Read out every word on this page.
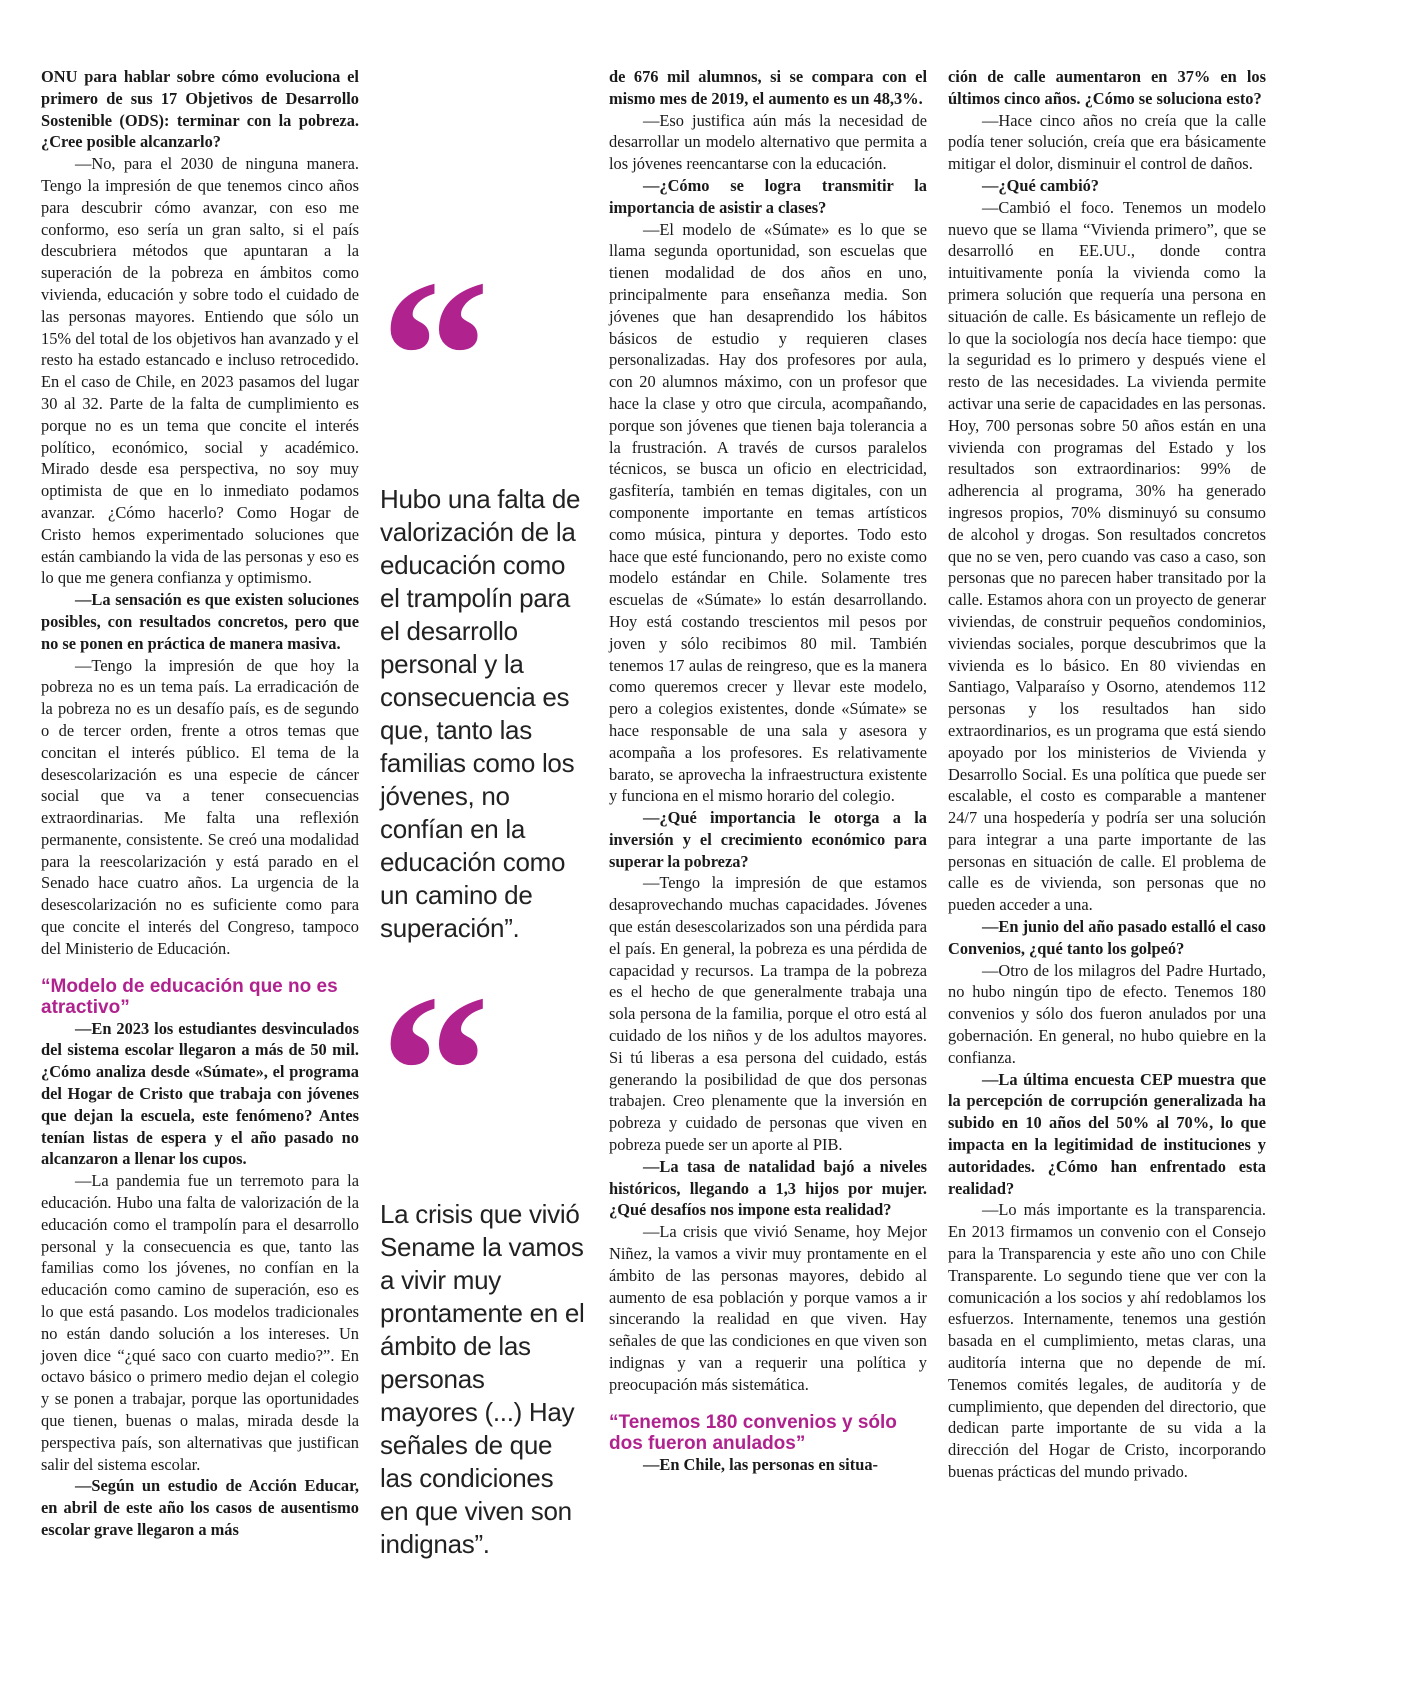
ONU para hablar sobre cómo evoluciona el primero de sus 17 Objetivos de Desarrollo Sostenible (ODS): terminar con la pobreza. ¿Cree posible alcanzarlo?

—No, para el 2030 de ninguna manera. Tengo la impresión de que tenemos cinco años para descubrir cómo avanzar, con eso me conformo, eso sería un gran salto, si el país descubriera métodos que apuntaran a la superación de la pobreza en ámbitos como vivienda, educación y sobre todo el cuidado de las personas mayores. Entiendo que sólo un 15% del total de los objetivos han avanzado y el resto ha estado estancado e incluso retrocedido. En el caso de Chile, en 2023 pasamos del lugar 30 al 32. Parte de la falta de cumplimiento es porque no es un tema que concite el interés político, económico, social y académico. Mirado desde esa perspectiva, no soy muy optimista de que en lo inmediato podamos avanzar. ¿Cómo hacerlo? Como Hogar de Cristo hemos experimentado soluciones que están cambiando la vida de las personas y eso es lo que me genera confianza y optimismo.

—La sensación es que existen soluciones posibles, con resultados concretos, pero que no se ponen en práctica de manera masiva.

—Tengo la impresión de que hoy la pobreza no es un tema país. La erradicación de la pobreza no es un desafío país, es de segundo o de tercer orden, frente a otros temas que concitan el interés público. El tema de la desescolarización es una especie de cáncer social que va a tener consecuencias extraordinarias. Me falta una reflexión permanente, consistente. Se creó una modalidad para la reescolarización y está parado en el Senado hace cuatro años. La urgencia de la desescolarización no es suficiente como para que concite el interés del Congreso, tampoco del Ministerio de Educación.

“Modelo de educación que no es atractivo”

—En 2023 los estudiantes desvinculados del sistema escolar llegaron a más de 50 mil. ¿Cómo analiza desde «Súmate», el programa del Hogar de Cristo que trabaja con jóvenes que dejan la escuela, este fenómeno? Antes tenían listas de espera y el año pasado no alcanzaron a llenar los cupos.

—La pandemia fue un terremoto para la educación. Hubo una falta de valorización de la educación como el trampolín para el desarrollo personal y la consecuencia es que, tanto las familias como los jóvenes, no confían en la educación como camino de superación, eso es lo que está pasando. Los modelos tradicionales no están dando solución a los intereses. Un joven dice “¿qué saco con cuarto medio?”. En octavo básico o primero medio dejan el colegio y se ponen a trabajar, porque las oportunidades que tienen, buenas o malas, mirada desde la perspectiva país, son alternativas que justifican salir del sistema escolar.

—Según un estudio de Acción Educar, en abril de este año los casos de ausentismo escolar grave llegaron a más

“
Hubo una falta de valorización de la educación como el trampolín para el desarrollo personal y la consecuencia es que, tanto las familias como los jóvenes, no confían en la educación como un camino de superación”.
“
La crisis que vivió Sename la vamos a vivir muy prontamente en el ámbito de las personas mayores (...) Hay señales de que las condiciones en que viven son indignas”.

de 676 mil alumnos, si se compara con el mismo mes de 2019, el aumento es un 48,3%.

—Eso justifica aún más la necesidad de desarrollar un modelo alternativo que permita a los jóvenes reencantarse con la educación.

—¿Cómo se logra transmitir la importancia de asistir a clases?

—El modelo de «Súmate» es lo que se llama segunda oportunidad, son escuelas que tienen modalidad de dos años en uno, principalmente para enseñanza media. Son jóvenes que han desaprendido los hábitos básicos de estudio y requieren clases personalizadas. Hay dos profesores por aula, con 20 alumnos máximo, con un profesor que hace la clase y otro que circula, acompañando, porque son jóvenes que tienen baja tolerancia a la frustración. A través de cursos paralelos técnicos, se busca un oficio en electricidad, gasfitería, también en temas digitales, con un componente importante en temas artísticos como música, pintura y deportes. Todo esto hace que esté funcionando, pero no existe como modelo estándar en Chile. Solamente tres escuelas de «Súmate» lo están desarrollando. Hoy está costando trescientos mil pesos por joven y sólo recibimos 80 mil. También tenemos 17 aulas de reingreso, que es la manera como queremos crecer y llevar este modelo, pero a colegios existentes, donde «Súmate» se hace responsable de una sala y asesora y acompaña a los profesores. Es relativamente barato, se aprovecha la infraestructura existente y funciona en el mismo horario del colegio.

—¿Qué importancia le otorga a la inversión y el crecimiento económico para superar la pobreza?

—Tengo la impresión de que estamos desaprovechando muchas capacidades. Jóvenes que están desescolarizados son una pérdida para el país. En general, la pobreza es una pérdida de capacidad y recursos. La trampa de la pobreza es el hecho de que generalmente trabaja una sola persona de la familia, porque el otro está al cuidado de los niños y de los adultos mayores. Si tú liberas a esa persona del cuidado, estás generando la posibilidad de que dos personas trabajen. Creo plenamente que la inversión en pobreza y cuidado de personas que viven en pobreza puede ser un aporte al PIB.

—La tasa de natalidad bajó a niveles históricos, llegando a 1,3 hijos por mujer. ¿Qué desafíos nos impone esta realidad?

—La crisis que vivió Sename, hoy Mejor Niñez, la vamos a vivir muy prontamente en el ámbito de las personas mayores, debido al aumento de esa población y porque vamos a ir sincerando la realidad en que viven. Hay señales de que las condiciones en que viven son indignas y van a requerir una política y preocupación más sistemática.

“Tenemos 180 convenios y sólo dos fueron anulados”

—En Chile, las personas en situa-

ción de calle aumentaron en 37% en los últimos cinco años. ¿Cómo se soluciona esto?

—Hace cinco años no creía que la calle podía tener solución, creía que era básicamente mitigar el dolor, disminuir el control de daños.

—¿Qué cambió?

—Cambió el foco. Tenemos un modelo nuevo que se llama “Vivienda primero”, que se desarrolló en EE.UU., donde contra intuitivamente ponía la vivienda como la primera solución que requería una persona en situación de calle. Es básicamente un reflejo de lo que la sociología nos decía hace tiempo: que la seguridad es lo primero y después viene el resto de las necesidades. La vivienda permite activar una serie de capacidades en las personas. Hoy, 700 personas sobre 50 años están en una vivienda con programas del Estado y los resultados son extraordinarios: 99% de adherencia al programa, 30% ha generado ingresos propios, 70% disminuyó su consumo de alcohol y drogas. Son resultados concretos que no se ven, pero cuando vas caso a caso, son personas que no parecen haber transitado por la calle. Estamos ahora con un proyecto de generar viviendas, de construir pequeños condominios, viviendas sociales, porque descubrimos que la vivienda es lo básico. En 80 viviendas en Santiago, Valparaíso y Osorno, atendemos 112 personas y los resultados han sido extraordinarios, es un programa que está siendo apoyado por los ministerios de Vivienda y Desarrollo Social. Es una política que puede ser escalable, el costo es comparable a mantener 24/7 una hospedería y podría ser una solución para integrar a una parte importante de las personas en situación de calle. El problema de calle es de vivienda, son personas que no pueden acceder a una.

—En junio del año pasado estalló el caso Convenios, ¿qué tanto los golpeó?

—Otro de los milagros del Padre Hurtado, no hubo ningún tipo de efecto. Tenemos 180 convenios y sólo dos fueron anulados por una gobernación. En general, no hubo quiebre en la confianza.

—La última encuesta CEP muestra que la percepción de corrupción generalizada ha subido en 10 años del 50% al 70%, lo que impacta en la legitimidad de instituciones y autoridades. ¿Cómo han enfrentado esta realidad?

—Lo más importante es la transparencia. En 2013 firmamos un convenio con el Consejo para la Transparencia y este año uno con Chile Transparente. Lo segundo tiene que ver con la comunicación a los socios y ahí redoblamos los esfuerzos. Internamente, tenemos una gestión basada en el cumplimiento, metas claras, una auditoría interna que no depende de mí. Tenemos comités legales, de auditoría y de cumplimiento, que dependen del directorio, que dedican parte importante de su vida a la dirección del Hogar de Cristo, incorporando buenas prácticas del mundo privado.
